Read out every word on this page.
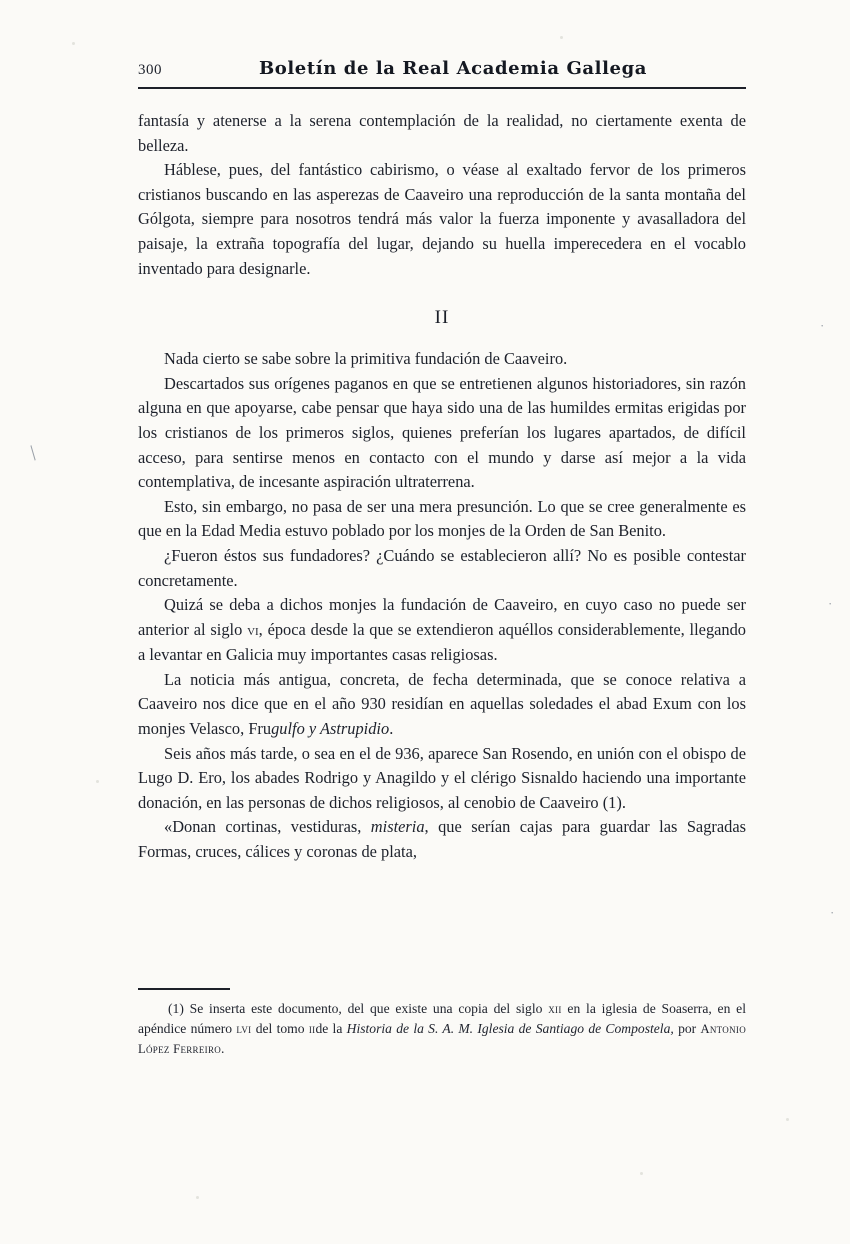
300	Boletín de la Real Academia Gallega

fantasía y atenerse a la serena contemplación de la realidad, no ciertamente exenta de belleza.

Háblese, pues, del fantástico cabirismo, o véase al exaltado fervor de los primeros cristianos buscando en las asperezas de Caaveiro una reproducción de la santa montaña del Gólgota, siempre para nosotros tendrá más valor la fuerza imponente y avasalladora del paisaje, la extraña topografía del lugar, dejando su huella imperecedera en el vocablo inventado para designarle.

II

Nada cierto se sabe sobre la primitiva fundación de Caaveiro.

Descartados sus orígenes paganos en que se entretienen algunos historiadores, sin razón alguna en que apoyarse, cabe pensar que haya sido una de las humildes ermitas erigidas por los cristianos de los primeros siglos, quienes preferían los lugares apartados, de difícil acceso, para sentirse menos en contacto con el mundo y darse así mejor a la vida contemplativa, de incesante aspiración ultraterrena.

Esto, sin embargo, no pasa de ser una mera presunción. Lo que se cree generalmente es que en la Edad Media estuvo poblado por los monjes de la Orden de San Benito.

¿Fueron éstos sus fundadores? ¿Cuándo se establecieron allí? No es posible contestar concretamente.

Quizá se deba a dichos monjes la fundación de Caaveiro, en cuyo caso no puede ser anterior al siglo vi, época desde la que se extendieron aquéllos considerablemente, llegando a levantar en Galicia muy importantes casas religiosas.

La noticia más antigua, concreta, de fecha determinada, que se conoce relativa a Caaveiro nos dice que en el año 930 residían en aquellas soledades el abad Exum con los monjes Velasco, Frugulfo y Astrupidio.

Seis años más tarde, o sea en el de 936, aparece San Rosendo, en unión con el obispo de Lugo D. Ero, los abades Rodrigo y Anagildo y el clérigo Sisnaldo haciendo una importante donación, en las personas de dichos religiosos, al cenobio de Caaveiro (1).

«Donan cortinas, vestiduras, misteria, que serían cajas para guardar las Sagradas Formas, cruces, cálices y coronas de plata,

(1) Se inserta este documento, del que existe una copia del siglo xii en la iglesia de Soaserra, en el apéndice número lvi del tomo iide la Historia de la S. A. M. Iglesia de Santiago de Compostela, por Antonio López Ferreiro.

·
·
·
/
